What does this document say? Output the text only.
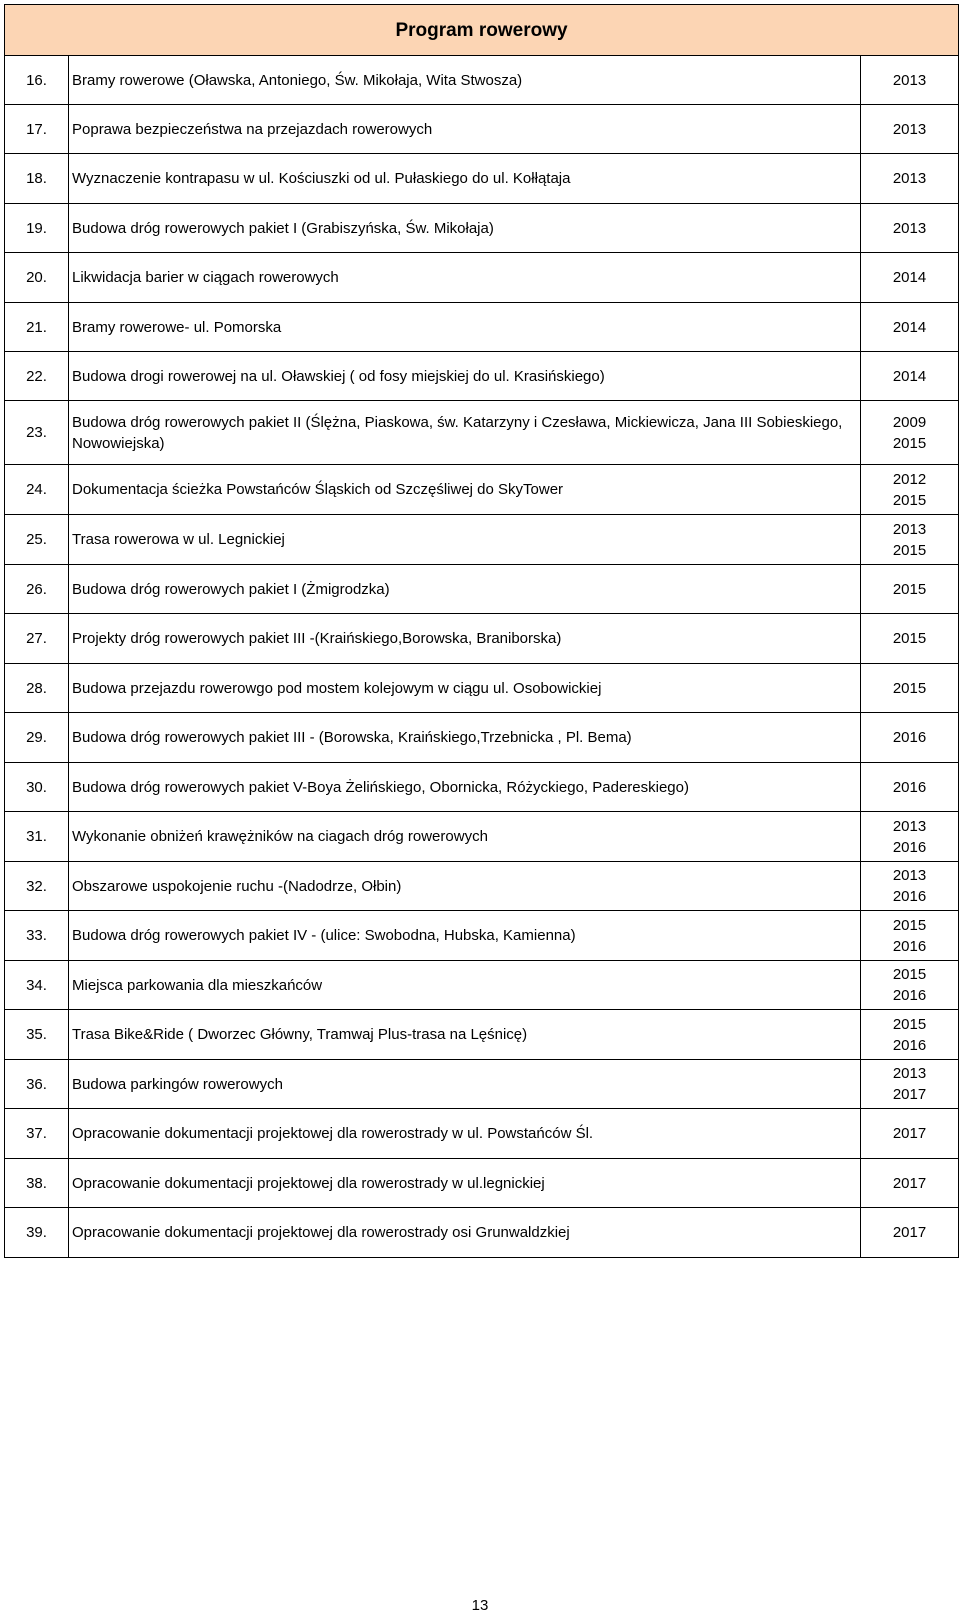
Program rowerowy		
16.	Bramy rowerowe (Oławska, Antoniego, Św. Mikołaja, Wita Stwosza)	2013

17.	Poprawa bezpieczeństwa na przejazdach rowerowych	2013

18.	Wyznaczenie kontrapasu w ul. Kościuszki od ul. Pułaskiego do ul. Kołłątaja	2013

19.	Budowa dróg rowerowych pakiet I (Grabiszyńska, Św. Mikołaja)	2013

20.	Likwidacja barier w ciągach rowerowych	2014

21.	Bramy rowerowe- ul. Pomorska	2014

22.	Budowa drogi rowerowej na ul. Oławskiej ( od fosy miejskiej do ul. Krasińskiego)	2014

23.	Budowa dróg rowerowych pakiet II (Ślężna, Piaskowa, św. Katarzyny i Czesława, Mickiewicza, Jana III Sobieskiego, Nowowiejska)	2009
2015

24.	Dokumentacja ścieżka Powstańców Śląskich od Szczęśliwej do SkyTower	2012
2015

25.	Trasa rowerowa w ul. Legnickiej	2013
2015

26.	Budowa dróg rowerowych pakiet I (Żmigrodzka)	2015

27.	Projekty dróg rowerowych pakiet III -(Kraińskiego,Borowska, Braniborska)	2015

28.	Budowa przejazdu rowerowgo pod mostem kolejowym w ciągu ul. Osobowickiej	2015

29.	Budowa dróg rowerowych pakiet III - (Borowska, Kraińskiego,Trzebnicka , Pl. Bema)	2016

30.	Budowa dróg rowerowych pakiet V-Boya Żelińskiego, Obornicka, Różyckiego, Padereskiego)	2016

31.	Wykonanie obniżeń krawężników na ciagach dróg rowerowych	2013
2016

32.	Obszarowe uspokojenie ruchu -(Nadodrze, Ołbin)	2013
2016

33.	Budowa dróg rowerowych pakiet IV - (ulice: Swobodna, Hubska, Kamienna)	2015
2016

34.	Miejsca parkowania dla mieszkańców	2015
2016

35.	Trasa Bike&Ride ( Dworzec Główny, Tramwaj Plus-trasa na Lęśnicę)	2015
2016

36.	Budowa parkingów rowerowych	2013
2017

37.	Opracowanie dokumentacji projektowej dla rowerostrady w ul. Powstańców Śl.	2017

38.	Opracowanie dokumentacji projektowej dla rowerostrady w ul.legnickiej	2017

39.	Opracowanie dokumentacji projektowej dla rowerostrady osi Grunwaldzkiej	2017
13
